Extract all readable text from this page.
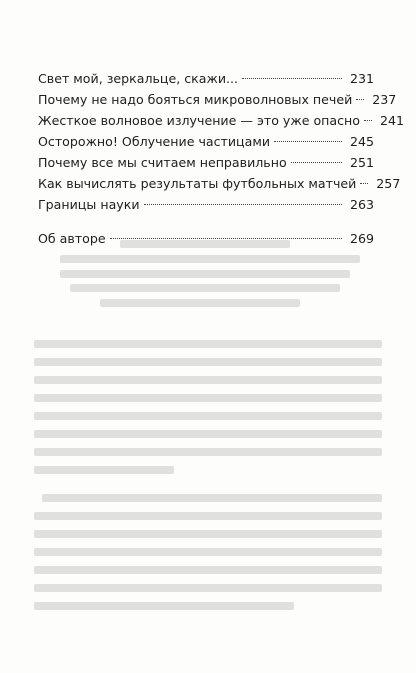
Свет мой, зеркальце, скажи...	231
Почему не надо бояться микроволновых печей	237
Жесткое волновое излучение — это уже опасно	241
Осторожно! Облучение частицами	245
Почему все мы считаем неправильно	251
Как вычислять результаты футбольных матчей	257
Границы науки	263
Об авторе	269
